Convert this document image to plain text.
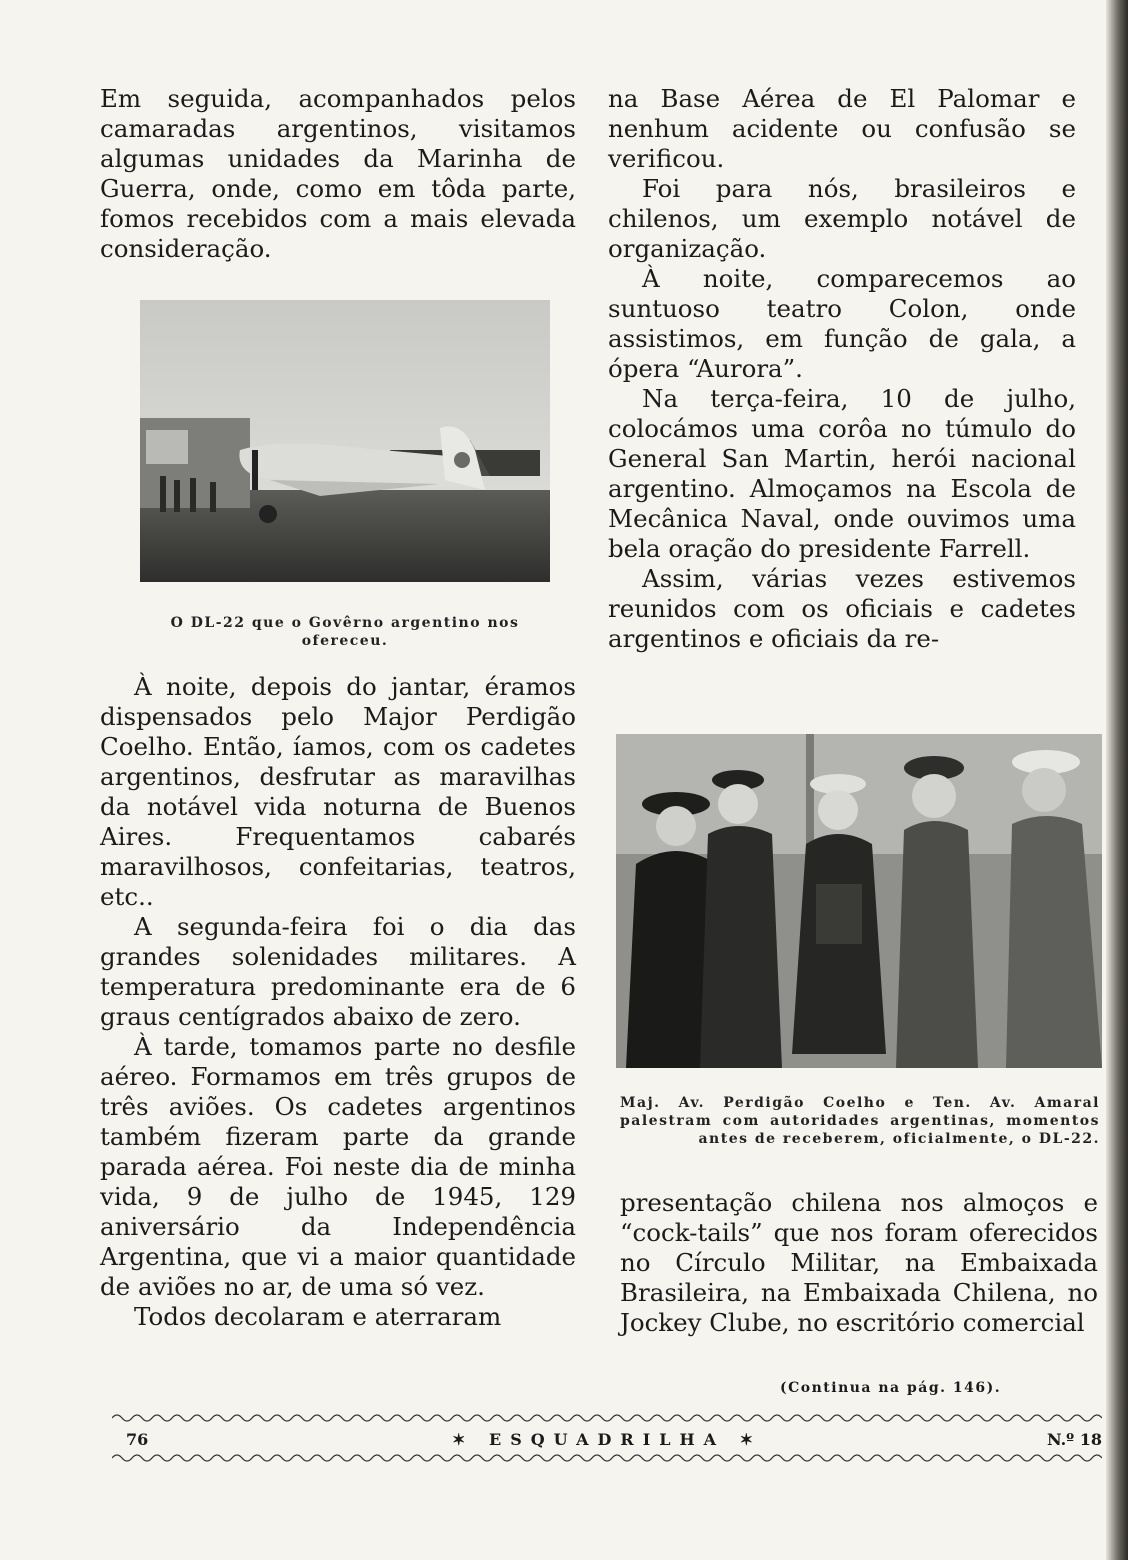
Em seguida, acompanhados pelos camaradas argentinos, visitamos algumas unidades da Marinha de Guerra, onde, como em tôda parte, fomos recebidos com a mais elevada consideração.

O DL-22 que o Govêrno argentino nos ofereceu.

À noite, depois do jantar, éramos dispensados pelo Major Perdigão Coelho. Então, íamos, com os cadetes argentinos, desfrutar as maravilhas da notável vida noturna de Buenos Aires. Frequentamos cabarés maravilhosos, confeitarias, teatros, etc..

A segunda-feira foi o dia das grandes solenidades militares. A temperatura predominante era de 6 graus centígrados abaixo de zero.

À tarde, tomamos parte no desfile aéreo. Formamos em três grupos de três aviões. Os cadetes argentinos também fizeram parte da grande parada aérea. Foi neste dia de minha vida, 9 de julho de 1945, 129 aniversário da Independência Argentina, que vi a maior quantidade de aviões no ar, de uma só vez.

Todos decolaram e aterraram

na Base Aérea de El Palomar e nenhum acidente ou confusão se verificou.

Foi para nós, brasileiros e chilenos, um exemplo notável de organização.

À noite, comparecemos ao suntuoso teatro Colon, onde assistimos, em função de gala, a ópera “Aurora”.

Na terça-feira, 10 de julho, colocámos uma corôa no túmulo do General San Martin, herói nacional argentino. Almoçamos na Escola de Mecânica Naval, onde ouvimos uma bela oração do presidente Farrell.

Assim, várias vezes estivemos reunidos com os oficiais e cadetes argentinos e oficiais da re-

Maj. Av. Perdigão Coelho e Ten. Av. Amaral palestram com autoridades argentinas, momentos antes de receberem, oficialmente, o DL-22.

presentação chilena nos almoços e “cock-tails” que nos foram oferecidos no Círculo Militar, na Embaixada Brasileira, na Embaixada Chilena, no Jockey Clube, no escritório comercial

(Continua na pág. 146).
76	✶ ESQUADRILHA ✶	N.º 18
